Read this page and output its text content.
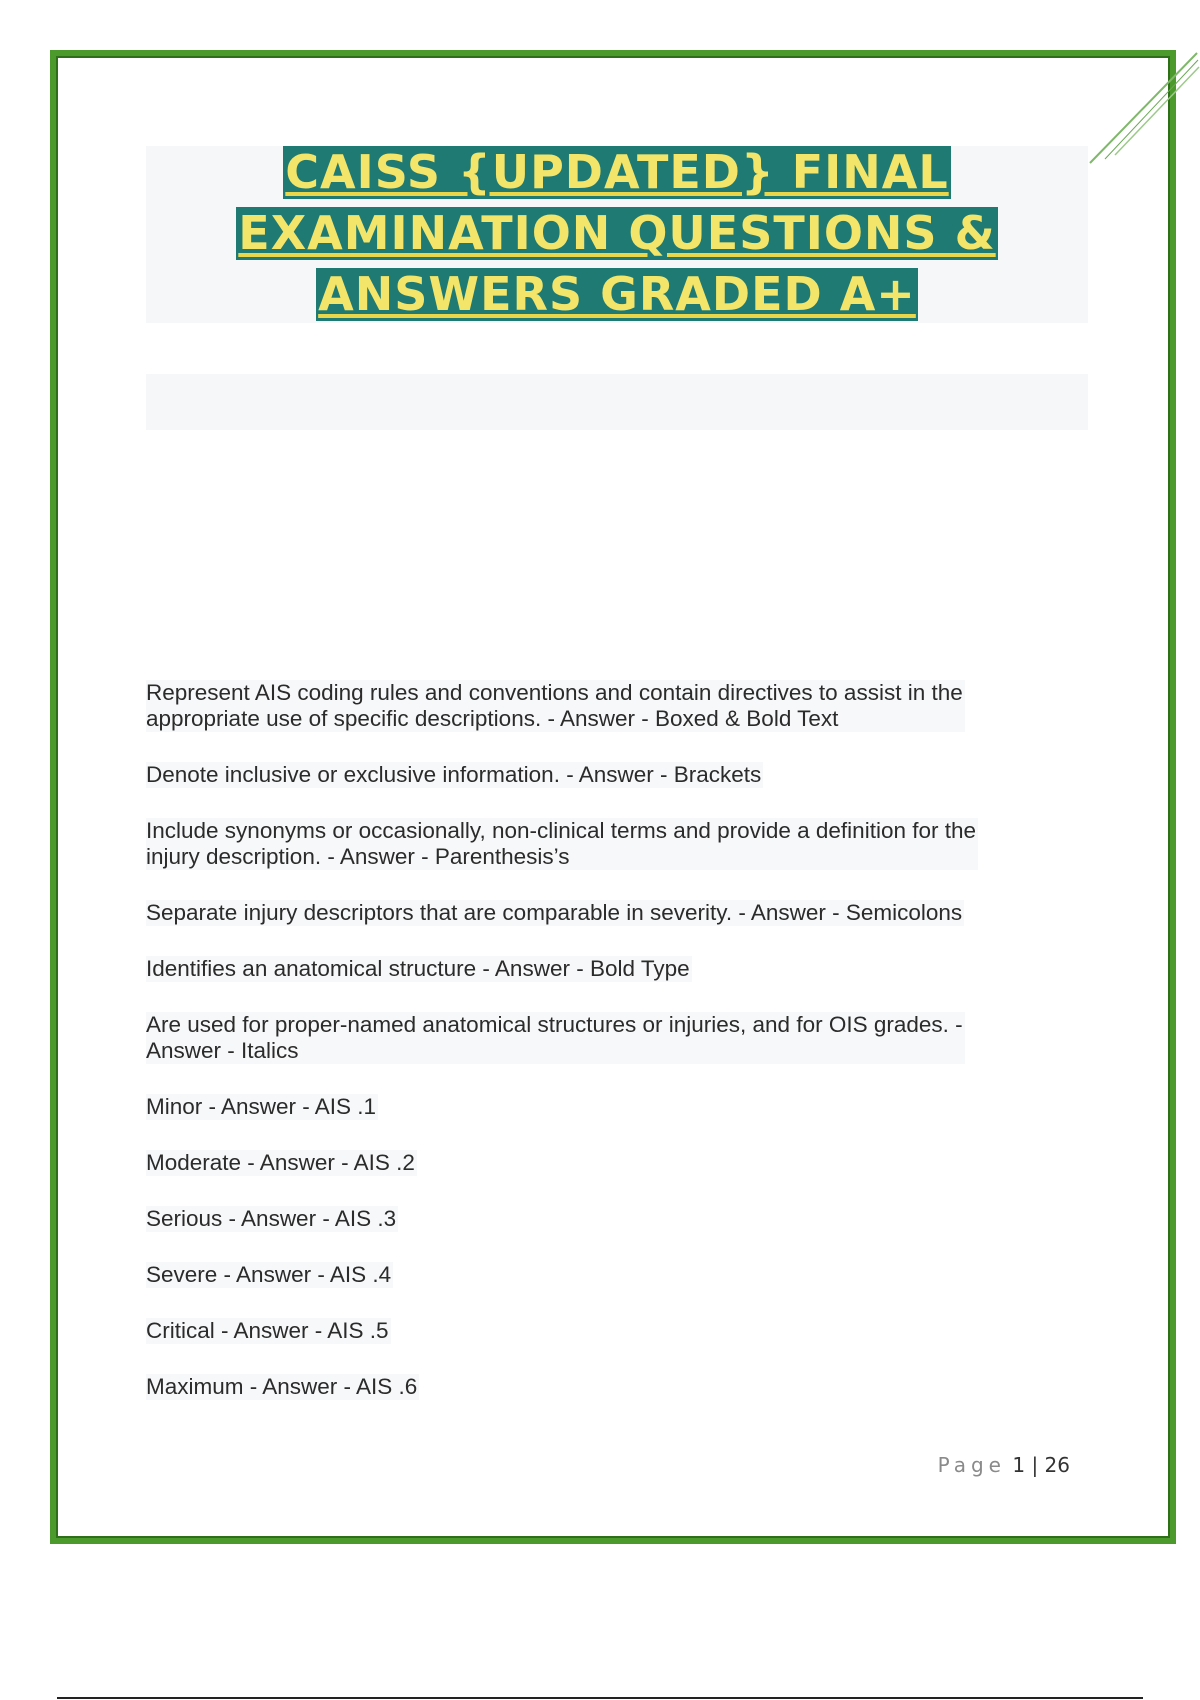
CAISS {UPDATED} FINAL
EXAMINATION QUESTIONS &
ANSWERS GRADED A+
Represent AIS coding rules and conventions and contain directives to assist in the
appropriate use of specific descriptions. - Answer - Boxed & Bold Text
Denote inclusive or exclusive information. - Answer - Brackets
Include synonyms or occasionally, non-clinical terms and provide a definition for the
injury description. - Answer - Parenthesis’s
Separate injury descriptors that are comparable in severity. - Answer - Semicolons
Identifies an anatomical structure - Answer - Bold Type
Are used for proper-named anatomical structures or injuries, and for OIS grades. -
Answer - Italics
Minor - Answer - AIS .1
Moderate - Answer - AIS .2
Serious - Answer - AIS .3
Severe - Answer - AIS .4
Critical - Answer - AIS .5
Maximum - Answer - AIS .6
Page 1 | 26
